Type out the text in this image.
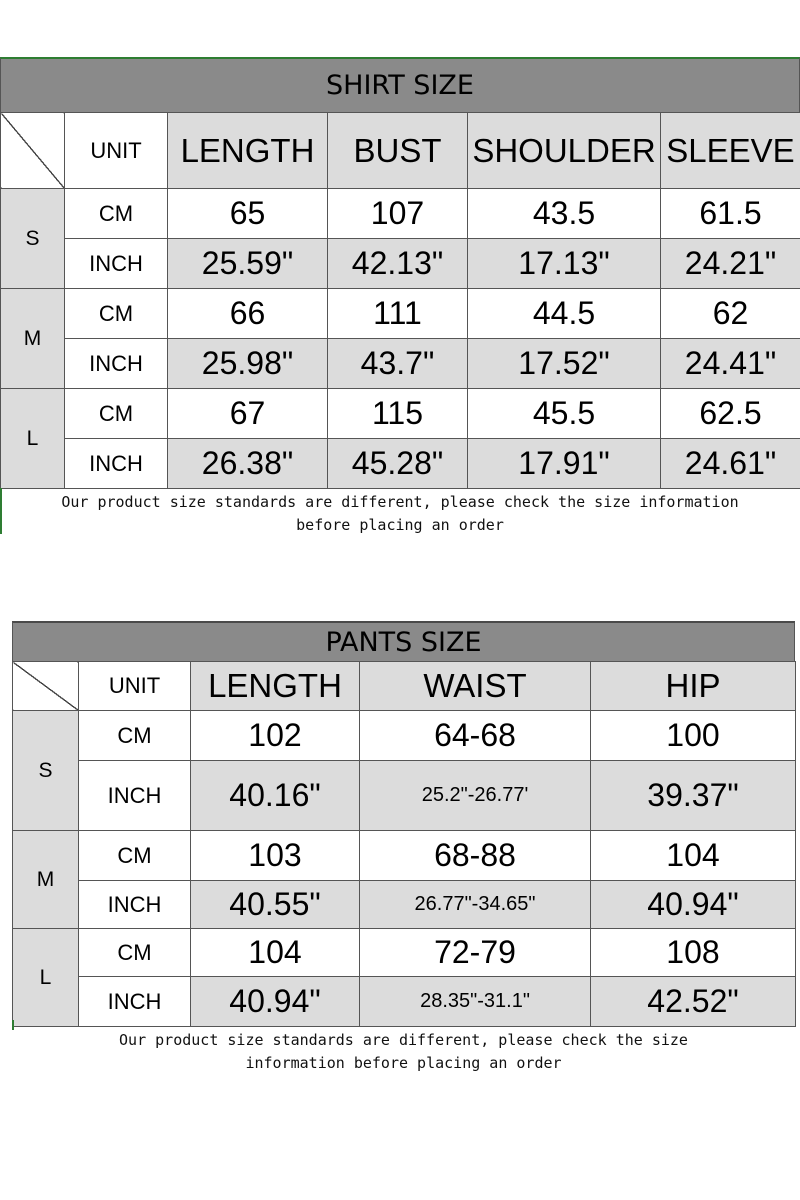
SHIRT SIZE
	UNIT	LENGTH	BUST	SHOULDER	SLEEVE
S	CM	65	107	43.5	61.5
	INCH	25.59"	42.13"	17.13"	24.21"
M	CM	66	111	44.5	62
	INCH	25.98"	43.7"	17.52"	24.41"
L	CM	67	115	45.5	62.5
	INCH	26.38"	45.28"	17.91"	24.61"
Our product size standards are different, please check the size information
before placing an order
PANTS SIZE
	UNIT	LENGTH	WAIST	HIP
S	CM	102	64-68	100
	INCH	40.16"	25.2"-26.77'	39.37"
M	CM	103	68-88	104
	INCH	40.55"	26.77"-34.65"	40.94"
L	CM	104	72-79	108
	INCH	40.94"	28.35"-31.1"	42.52"
Our product size standards are different, please check the size
information before placing an order
